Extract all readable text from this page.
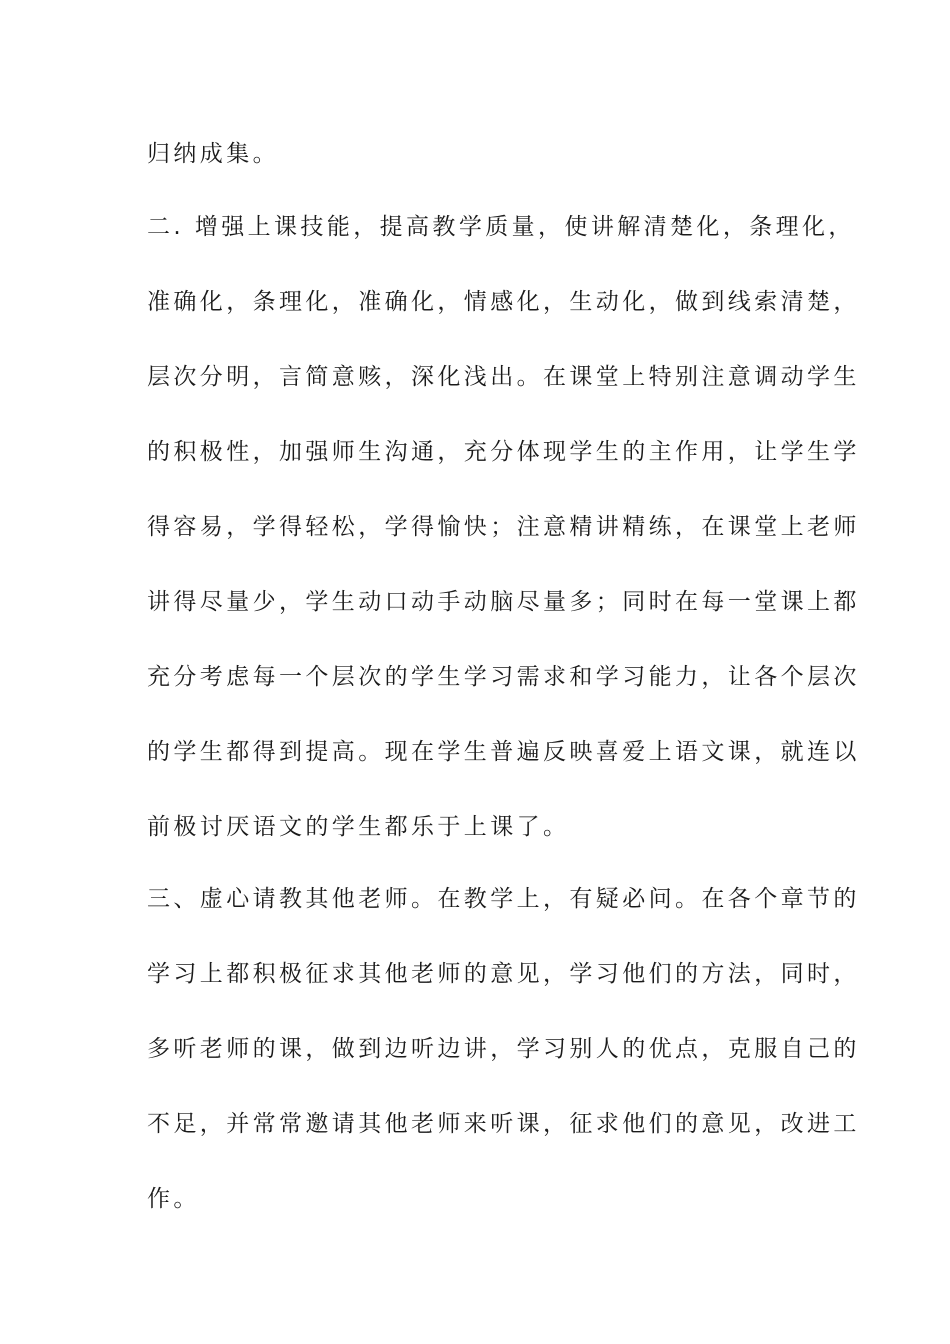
归纳成集。
二. 增强上课技能，提高教学质量，使讲解清楚化，条理化，
准确化，条理化，准确化，情感化，生动化，做到线索清楚，
层次分明，言简意赅，深化浅出。在课堂上特别注意调动学生
的积极性，加强师生沟通，充分体现学生的主作用，让学生学
得容易，学得轻松，学得愉快；注意精讲精练，在课堂上老师
讲得尽量少，学生动口动手动脑尽量多；同时在每一堂课上都
充分考虑每一个层次的学生学习需求和学习能力，让各个层次
的学生都得到提高。现在学生普遍反映喜爱上语文课，就连以
前极讨厌语文的学生都乐于上课了。
三、虚心请教其他老师。在教学上，有疑必问。在各个章节的
学习上都积极征求其他老师的意见，学习他们的方法，同时，
多听老师的课，做到边听边讲，学习别人的优点，克服自己的
不足，并常常邀请其他老师来听课，征求他们的意见，改进工
作。
